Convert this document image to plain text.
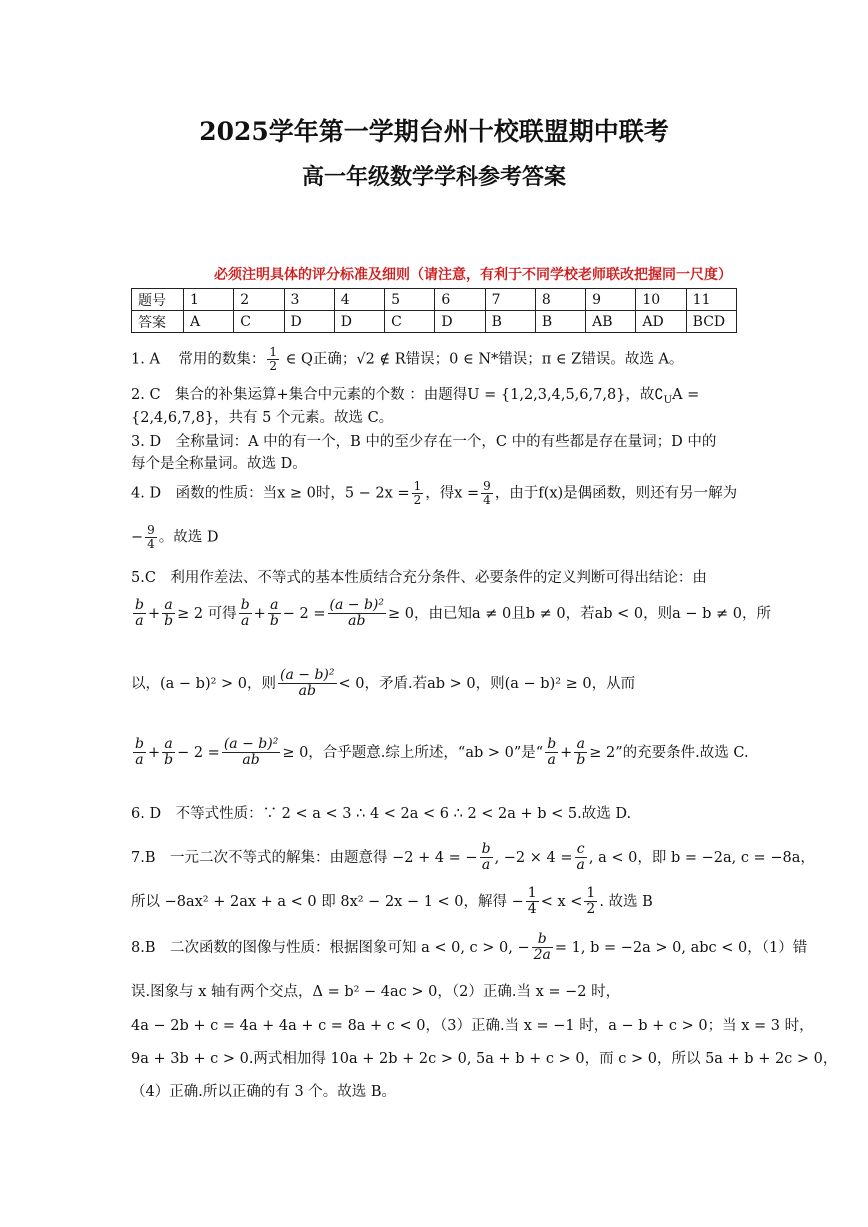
2025学年第一学期台州十校联盟期中联考
高一年级数学学科参考答案
必须注明具体的评分标准及细则（请注意，有利于不同学校老师联改把握同一尺度）
题号	1	2	3	4	5	6	7	8	9	10	11
答案	A	C	D	D	C	D	B	B	AB	AD	BCD
1. A 常用的数集： $\frac{1}{2}$ ∈ Q正确；√2 ∉ R错误；0 ∈ N*错误；π ∈ Z错误。故选 A。
2. C　集合的补集运算+集合中元素的个数 ：由题得U = {1,2,3,4,5,6,7,8}，故$∁_UA$ =
{2,4,6,7,8}，共有 5 个元素。故选 C。
3. D　全称量词：A 中的有一个，B 中的至少存在一个，C 中的有些都是存在量词；D 中的
每个是全称量词。故选 D。
4. D　函数的性质：当x ≥ 0时，$5 - 2x = \frac{1}{2}$ ，得$x = \frac{9}{4}$ ，由于f(x)是偶函数，则还有另一解为
− $\frac{9}{4}$ 。故选 D
5.C　利用作差法、不等式的基本性质结合充分条件、必要条件的定义判断可得出结论：由
$\frac{b}{a} + \frac{a}{b} \ge 2$ 可得 $\frac{b}{a} + \frac{a}{b} - 2 = \frac{\text{(a − b)²}}{ab} \ge 0$，由已知a ≠ 0且b ≠ 0，若ab < 0，则a − b ≠ 0，所
以，(a − b)² > 0，则 $\frac{\text{(a − b)²}}{ab} < 0$，矛盾.若ab > 0，则(a − b)² ≥ 0，从而
$\frac{b}{a} + \frac{a}{b} - 2 = \frac{\text{(a − b)²}}{ab} \ge 0$，合乎题意.综上所述，“ab > 0”是“ $\frac{b}{a} + \frac{a}{b} \ge 2$”的充要条件.故选 C.
6. D　不等式性质：∵ 2 < a < 3 ∴ 4 < 2a < 6 ∴ 2 < 2a + b < 5.故选 D.
7.B　一元二次不等式的解集：由题意得 −2 + 4 = − $\frac{b}{a}$ , $-2 \times 4 = \frac{c}{a}$ , a < 0，即 b = −2a, c = −8a，
所以 −8ax² + 2ax + a < 0 即 8x² − 2x − 1 < 0，解得 − $\frac{1}{4} < x < \frac{1}{2}$ . 故选 B
8.B　二次函数的图像与性质：根据图象可知 a < 0, c > 0, − $\frac{b}{2a} = 1$, b = −2a > 0, abc < 0，（1）错
误.图象与 x 轴有两个交点，Δ = b² − 4ac > 0，（2）正确.当 x = −2 时，
4a − 2b + c = 4a + 4a + c = 8a + c < 0，（3）正确.当 x = −1 时，a − b + c > 0；当 x = 3 时，
9a + 3b + c > 0.两式相加得 10a + 2b + 2c > 0, 5a + b + c > 0，而 c > 0，所以 5a + b + 2c > 0，
（4）正确.所以正确的有 3 个。故选 B。
